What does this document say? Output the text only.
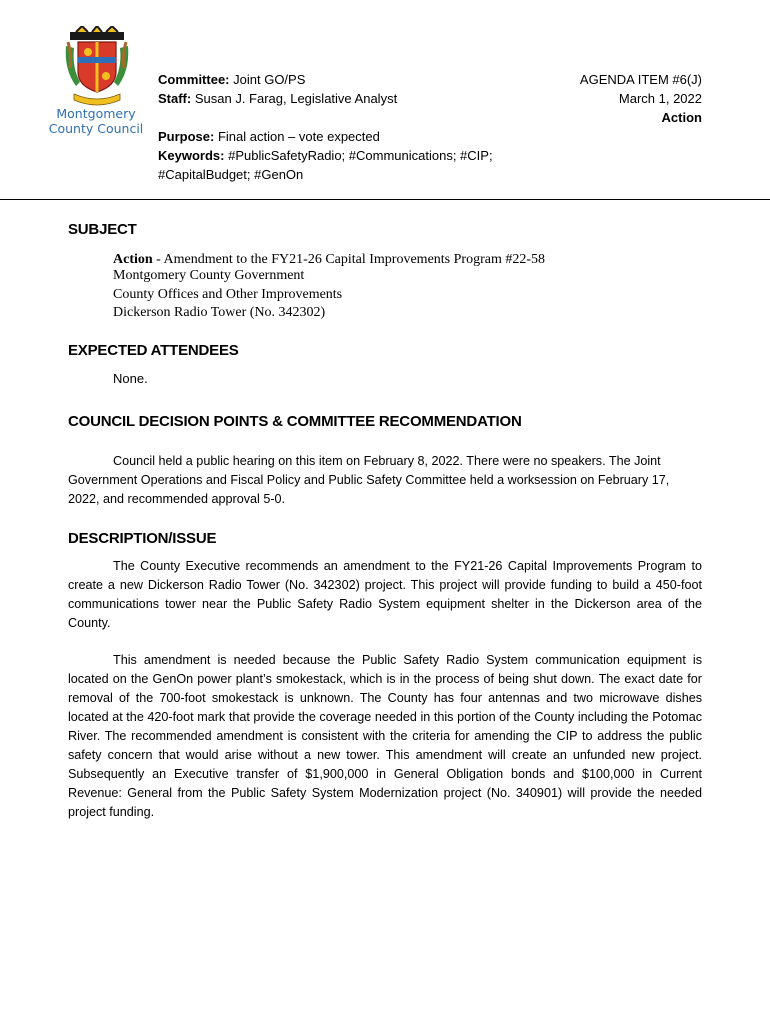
Montgomery
County Council
Committee: Joint GO/PS
Staff: Susan J. Farag, Legislative Analyst
Purpose: Final action – vote expected
Keywords: #PublicSafetyRadio; #Communications; #CIP;
#CapitalBudget; #GenOn
AGENDA ITEM #6(J)
March 1, 2022
Action
SUBJECT
Action - Amendment to the FY21-26 Capital Improvements Program #22-58
Montgomery County Government
County Offices and Other Improvements
Dickerson Radio Tower (No. 342302)
EXPECTED ATTENDEES
None.
COUNCIL DECISION POINTS & COMMITTEE RECOMMENDATION
Council held a public hearing on this item on February 8, 2022. There were no speakers. The Joint Government Operations and Fiscal Policy and Public Safety Committee held a worksession on February 17, 2022, and recommended approval 5-0.
DESCRIPTION/ISSUE
The County Executive recommends an amendment to the FY21-26 Capital Improvements Program to create a new Dickerson Radio Tower (No. 342302) project. This project will provide funding to build a 450-foot communications tower near the Public Safety Radio System equipment shelter in the Dickerson area of the County.
This amendment is needed because the Public Safety Radio System communication equipment is located on the GenOn power plant’s smokestack, which is in the process of being shut down. The exact date for removal of the 700-foot smokestack is unknown. The County has four antennas and two microwave dishes located at the 420-foot mark that provide the coverage needed in this portion of the County including the Potomac River. The recommended amendment is consistent with the criteria for amending the CIP to address the public safety concern that would arise without a new tower. This amendment will create an unfunded new project. Subsequently an Executive transfer of $1,900,000 in General Obligation bonds and $100,000 in Current Revenue: General from the Public Safety System Modernization project (No. 340901) will provide the needed project funding.
